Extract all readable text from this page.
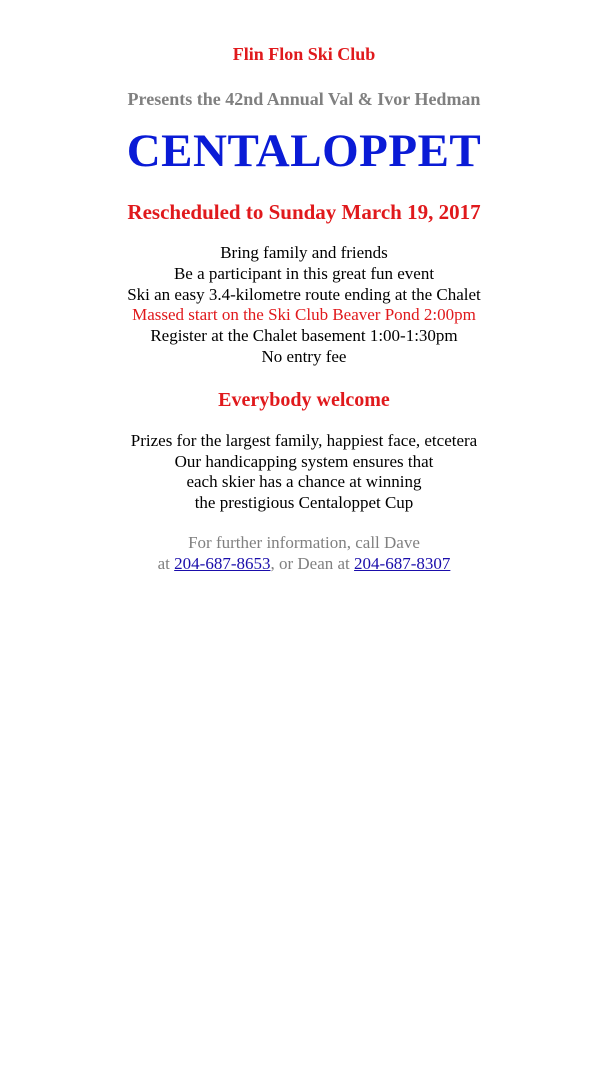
Flin Flon Ski Club
Presents the 42nd Annual Val & Ivor Hedman
CENTALOPPET
Rescheduled to Sunday March 19, 2017
Bring family and friends
Be a participant in this great fun event
Ski an easy 3.4-kilometre route ending at the Chalet
Massed start on the Ski Club Beaver Pond 2:00pm
Register at the Chalet basement 1:00-1:30pm
No entry fee
Everybody welcome
Prizes for the largest family, happiest face, etcetera
Our handicapping system ensures that
each skier has a chance at winning
the prestigious Centaloppet Cup
For further information, call Dave
at 204-687-8653, or Dean at 204-687-8307
